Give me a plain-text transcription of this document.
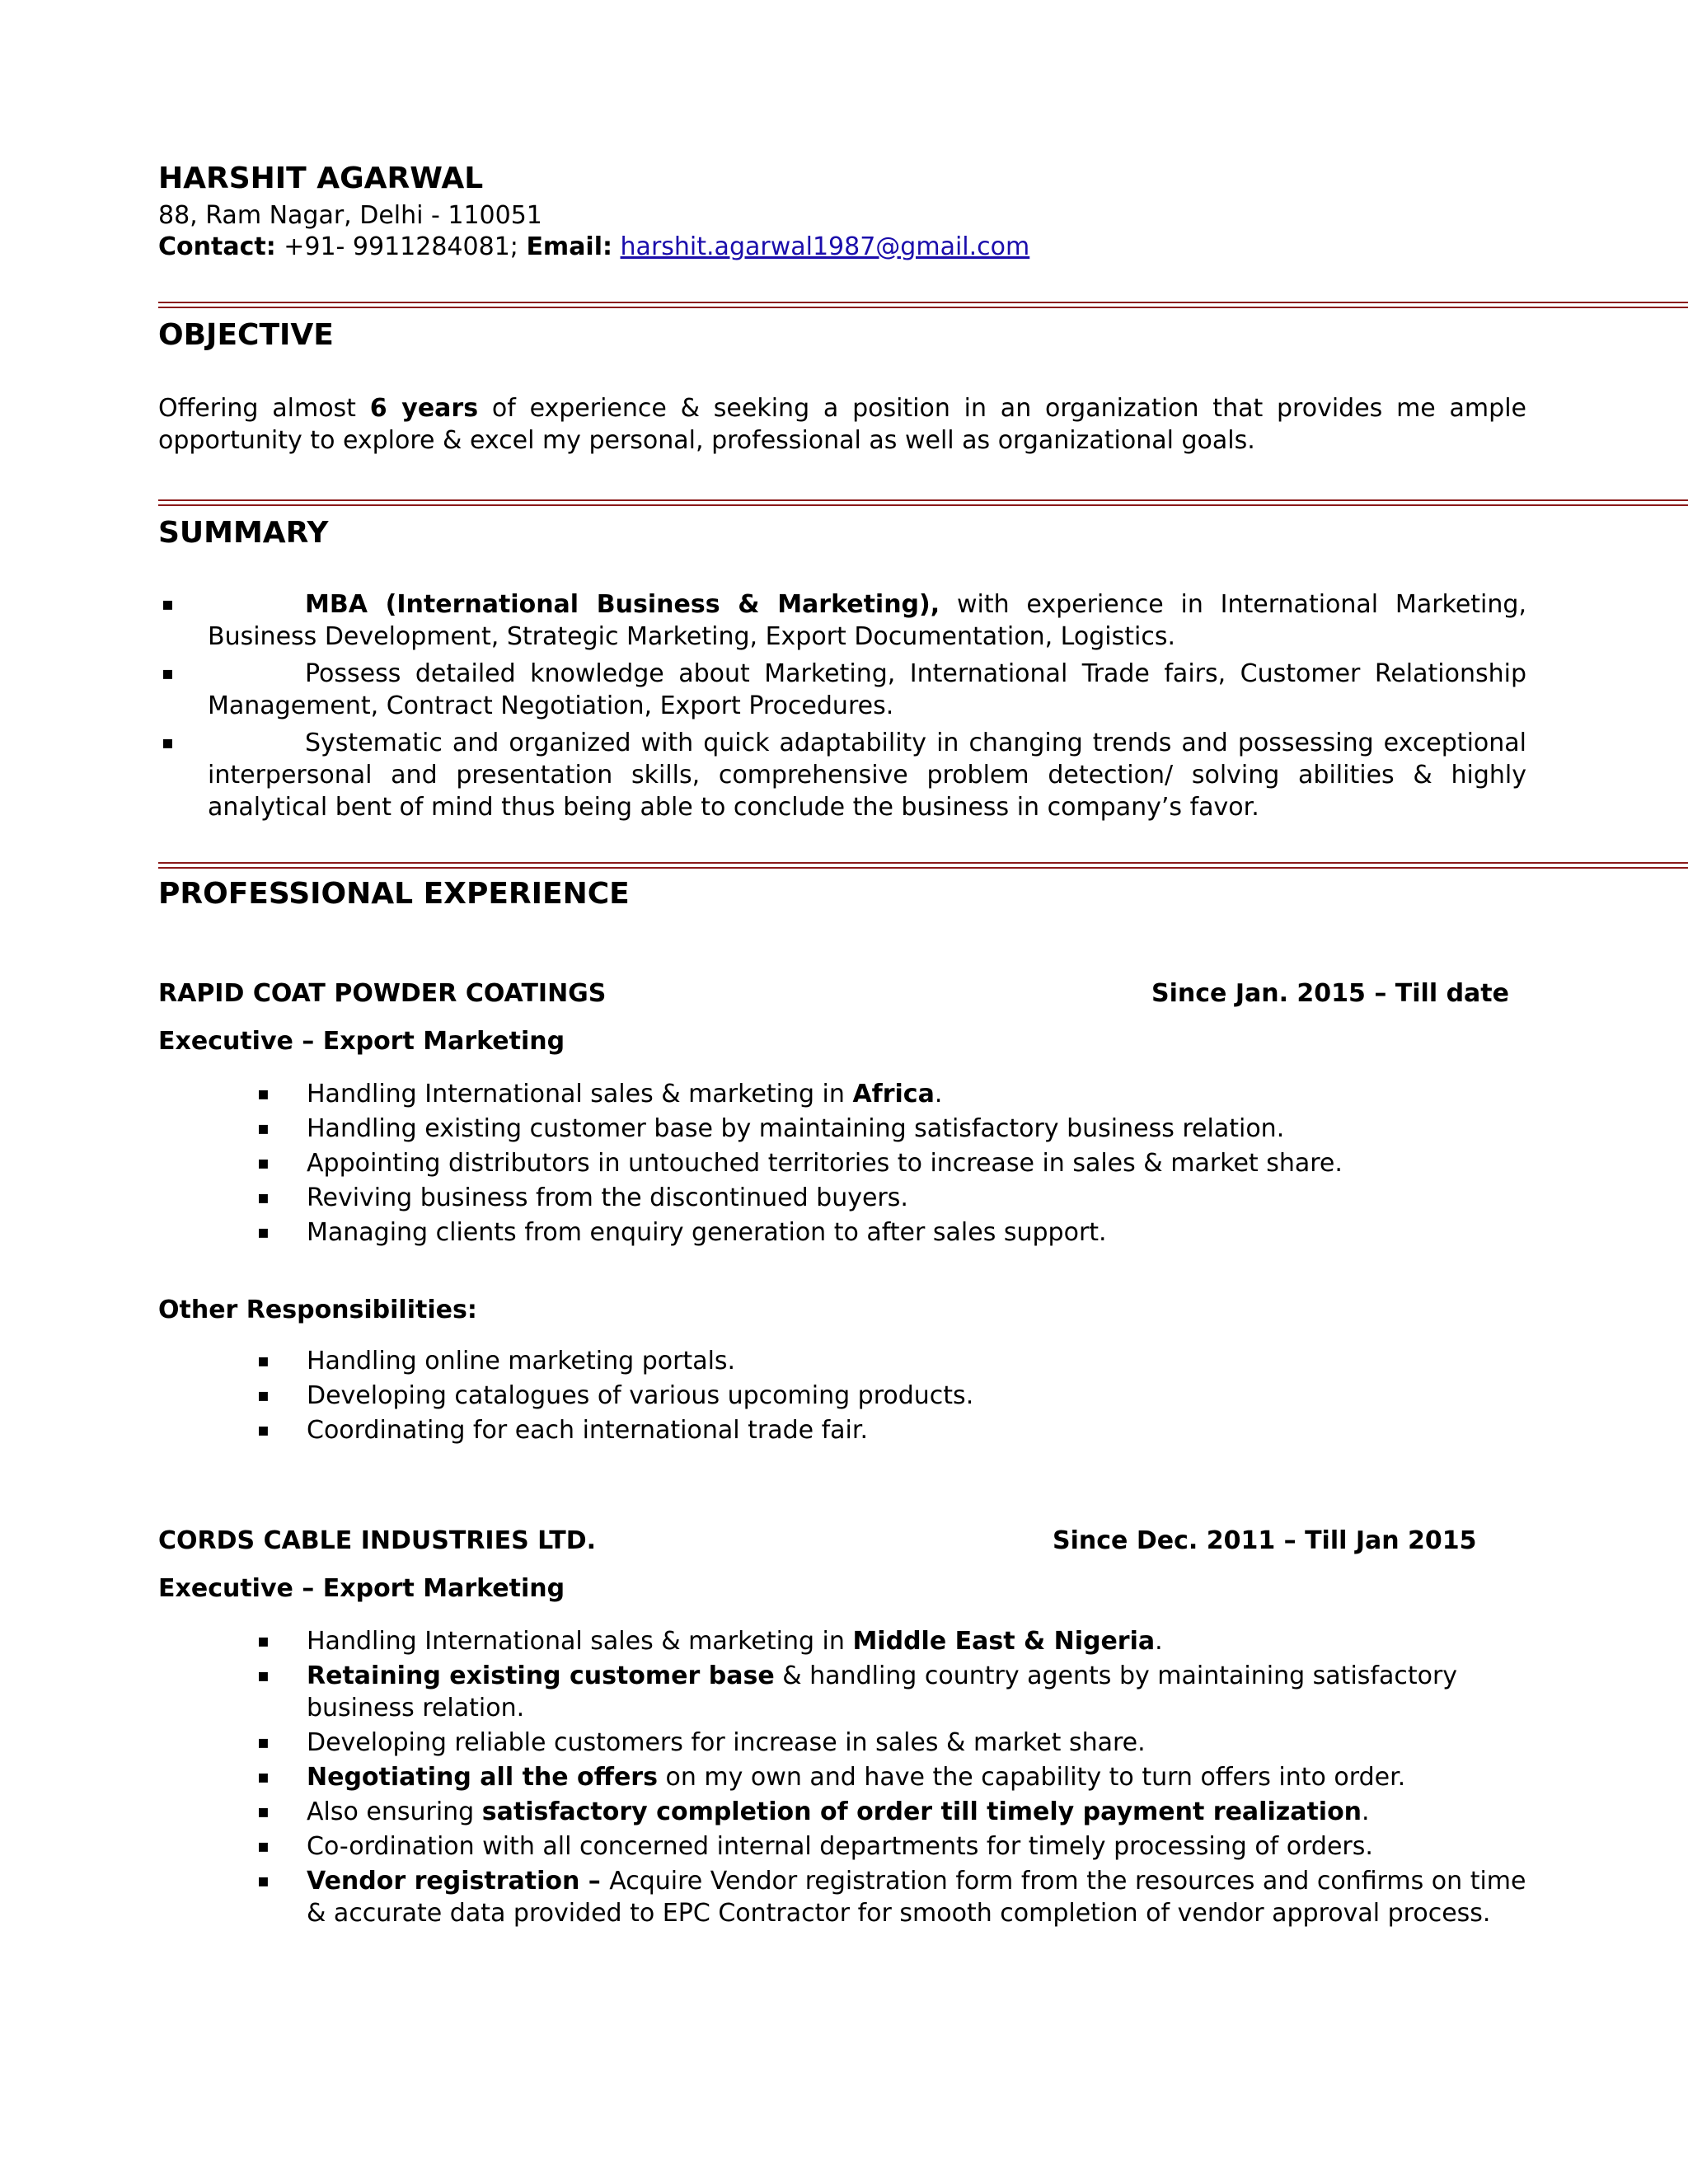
HARSHIT AGARWAL
88, Ram Nagar, Delhi - 110051
Contact: +91- 9911284081; Email: harshit.agarwal1987@gmail.com
OBJECTIVE

Offering almost 6 years of experience & seeking a position in an organization that provides me ample opportunity to explore & excel my personal, professional as well as organizational goals.

SUMMARY
▪	MBA (International Business & Marketing), with experience in International Marketing, Business Development, Strategic Marketing, Export Documentation, Logistics.
▪	Possess detailed knowledge about Marketing, International Trade fairs, Customer Relationship Management, Contract Negotiation, Export Procedures.
▪	Systematic and organized with quick adaptability in changing trends and possessing exceptional interpersonal and presentation skills, comprehensive problem detection/ solving abilities & highly analytical bent of mind thus being able to conclude the business in company’s favor.
PROFESSIONAL EXPERIENCE
RAPID COAT POWDER COATINGS	Since Jan. 2015 – Till date
Executive – Export Marketing
▪ Handling International sales & marketing in Africa.
▪ Handling existing customer base by maintaining satisfactory business relation.
▪ Appointing distributors in untouched territories to increase in sales & market share.
▪ Reviving business from the discontinued buyers.
▪ Managing clients from enquiry generation to after sales support.
Other Responsibilities:
▪ Handling online marketing portals.
▪ Developing catalogues of various upcoming products.
▪ Coordinating for each international trade fair.
CORDS CABLE INDUSTRIES LTD.	Since Dec. 2011 – Till Jan 2015
Executive – Export Marketing
▪ Handling International sales & marketing in Middle East & Nigeria.
▪ Retaining existing customer base & handling country agents by maintaining satisfactory business relation.
▪ Developing reliable customers for increase in sales & market share.
▪ Negotiating all the offers on my own and have the capability to turn offers into order.
▪ Also ensuring satisfactory completion of order till timely payment realization.
▪ Co-ordination with all concerned internal departments for timely processing of orders.
▪ Vendor registration – Acquire Vendor registration form from the resources and confirms on time & accurate data provided to EPC Contractor for smooth completion of vendor approval process.
